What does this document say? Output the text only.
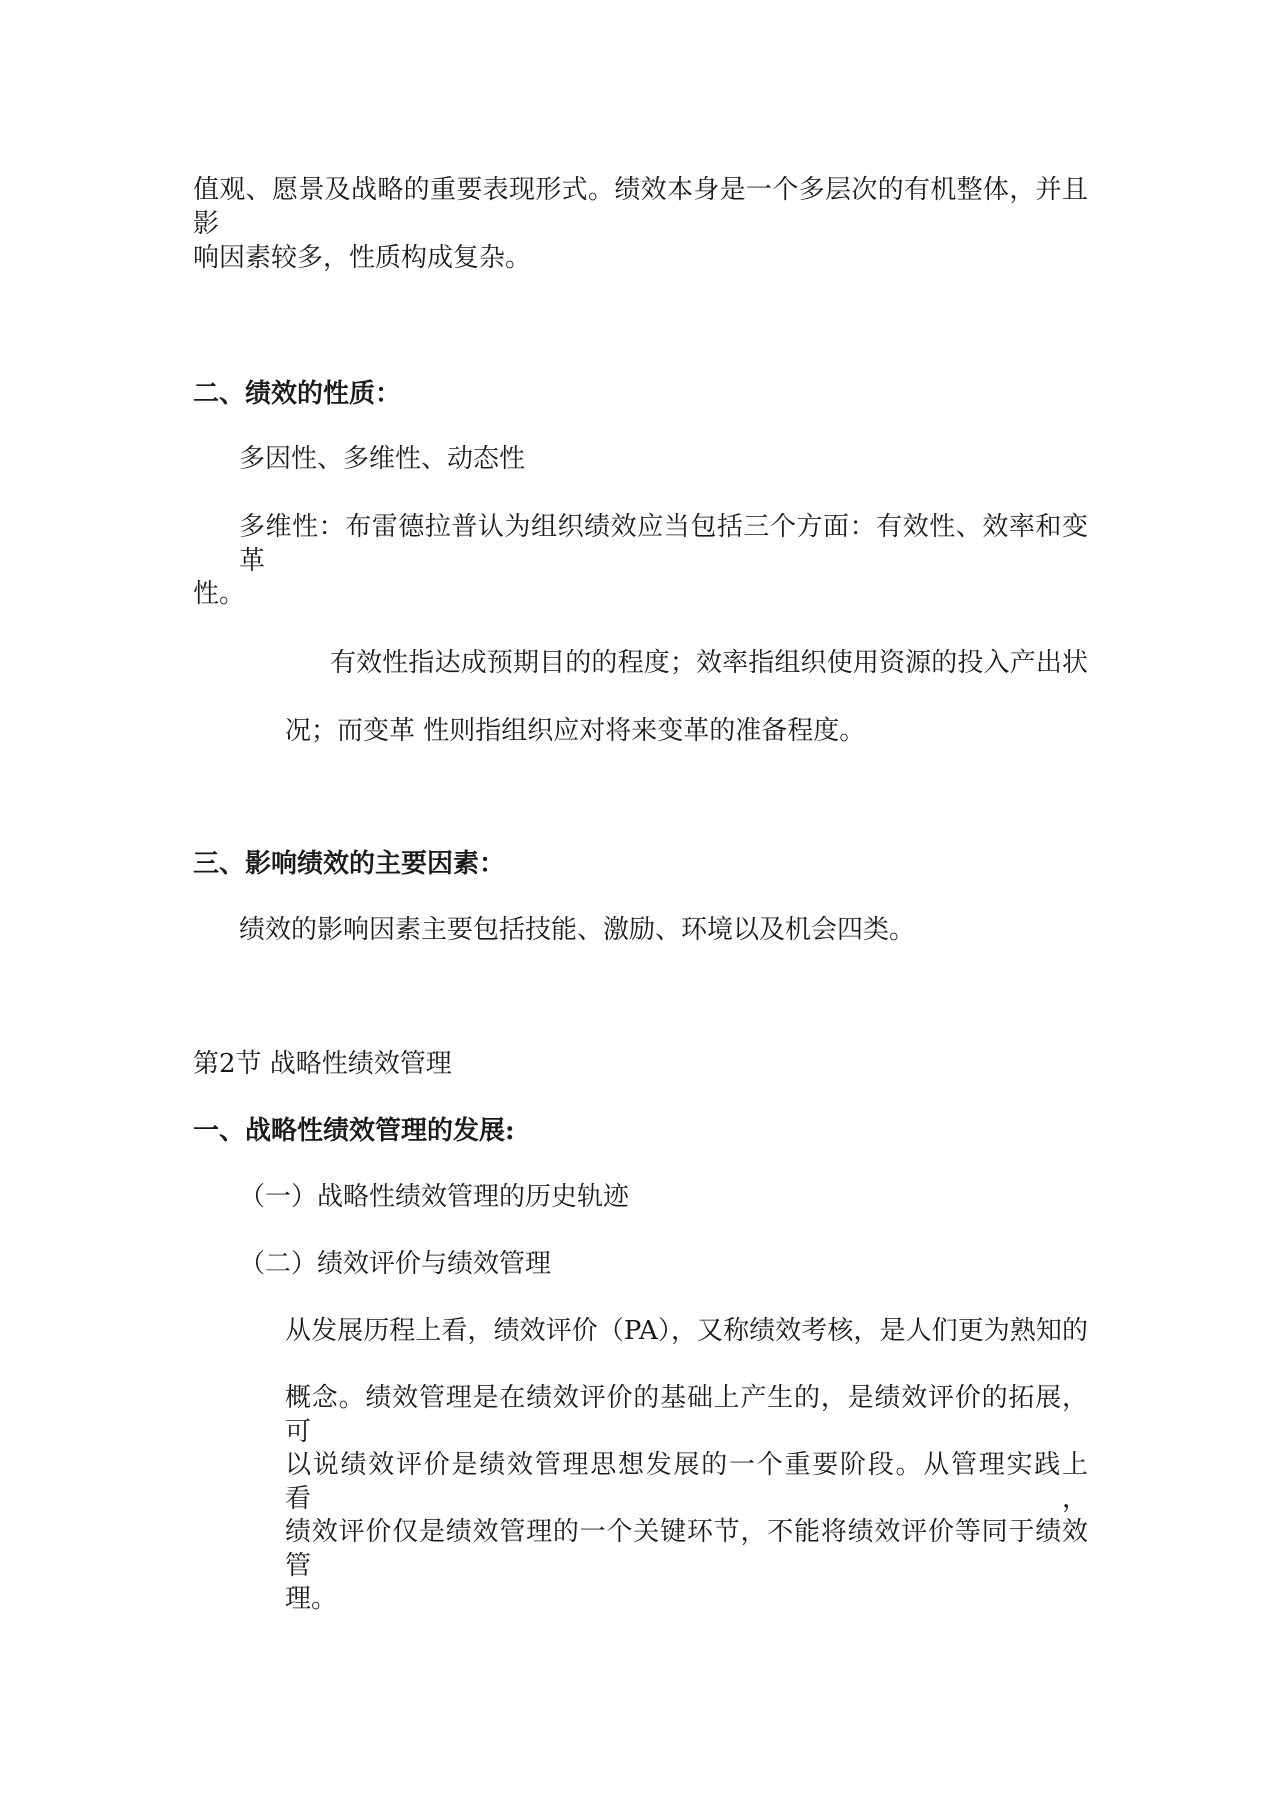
值观、愿景及战略的重要表现形式。绩效本身是一个多层次的有机整体，并且影

响因素较多，性质构成复杂。

二、绩效的性质：

多因性、多维性、动态性

多维性：布雷德拉普认为组织绩效应当包括三个方面：有效性、效率和变革

性。

有效性指达成预期目的的程度；效率指组织使用资源的投入产出状

况；而变革 性则指组织应对将来变革的准备程度。

三、影响绩效的主要因素：

绩效的影响因素主要包括技能、激励、环境以及机会四类。

第2节 战略性绩效管理

一、战略性绩效管理的发展:

（一）战略性绩效管理的历史轨迹

（二）绩效评价与绩效管理

从发展历程上看，绩效评价（PA），又称绩效考核，是人们更为熟知的

概念。绩效管理是在绩效评价的基础上产生的，是绩效评价的拓展，可

以说绩效评价是绩效管理思想发展的一个重要阶段。从管理实践上看，

绩效评价仅是绩效管理的一个关键环节，不能将绩效评价等同于绩效管

理。
